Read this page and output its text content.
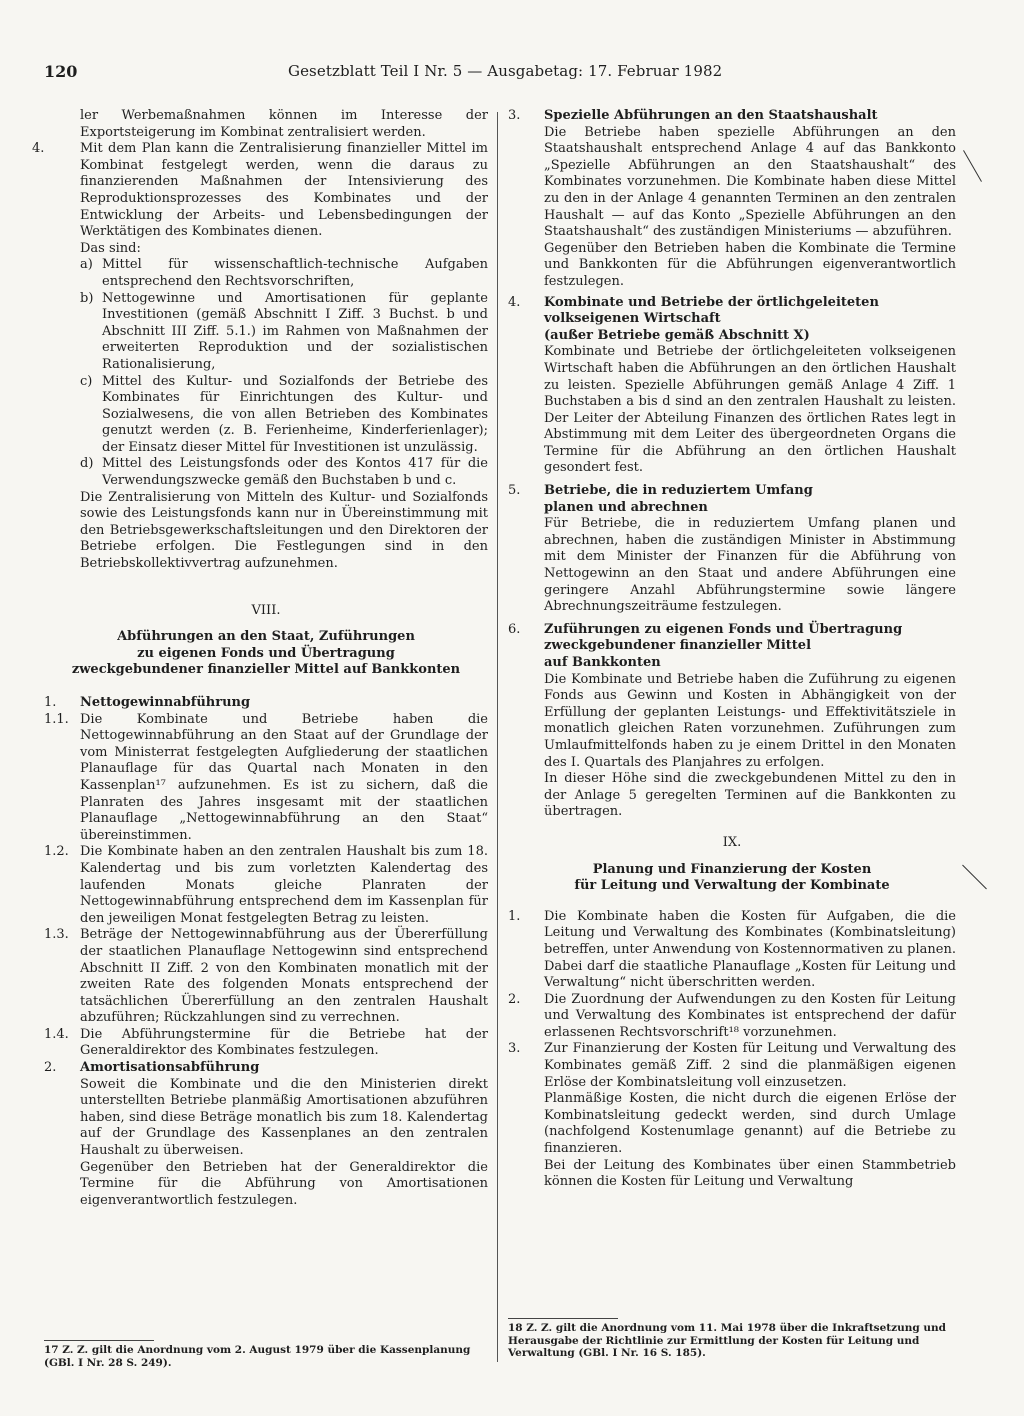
120	Gesetzblatt Teil I Nr. 5 — Ausgabetag: 17. Februar 1982

ler Werbemaßnahmen können im Interesse der Exportsteigerung im Kombinat zentralisiert werden.

4.	Mit dem Plan kann die Zentralisierung finanzieller Mittel im Kombinat festgelegt werden, wenn die daraus zu finanzierenden Maßnahmen der Intensivierung des Reproduktionsprozesses des Kombinates und der Entwicklung der Arbeits- und Lebensbedingungen der Werktätigen des Kombinates dienen.

Das sind:

a) Mittel für wissenschaftlich-technische Aufgaben entsprechend den Rechtsvorschriften,
b) Nettogewinne und Amortisationen für geplante Investitionen (gemäß Abschnitt I Ziff. 3 Buchst. b und Abschnitt III Ziff. 5.1.) im Rahmen von Maßnahmen der erweiterten Reproduktion und der sozialistischen Rationalisierung,
c) Mittel des Kultur- und Sozialfonds der Betriebe des Kombinates für Einrichtungen des Kultur- und Sozialwesens, die von allen Betrieben des Kombinates genutzt werden (z. B. Ferienheime, Kinderferienlager); der Einsatz dieser Mittel für Investitionen ist unzulässig.
d) Mittel des Leistungsfonds oder des Kontos 417 für die Verwendungszwecke gemäß den Buchstaben b und c.

Die Zentralisierung von Mitteln des Kultur- und Sozialfonds sowie des Leistungsfonds kann nur in Übereinstimmung mit den Betriebsgewerkschaftsleitungen und den Direktoren der Betriebe erfolgen. Die Festlegungen sind in den Betriebskollektivvertrag aufzunehmen.

VIII.
Abführungen an den Staat, Zuführungen
zu eigenen Fonds und Übertragung
zweckgebundener finanzieller Mittel auf Bankkonten
1. Nettogewinnabführung
1.1. Die Kombinate und Betriebe haben die Nettogewinnabführung an den Staat auf der Grundlage der vom Ministerrat festgelegten Aufgliederung der staatlichen Planauflage für das Quartal nach Monaten in den Kassenplan¹⁷ aufzunehmen. Es ist zu sichern, daß die Planraten des Jahres insgesamt mit der staatlichen Planauflage „Nettogewinnabführung an den Staat“ übereinstimmen.
1.2. Die Kombinate haben an den zentralen Haushalt bis zum 18. Kalendertag und bis zum vorletzten Kalendertag des laufenden Monats gleiche Planraten der Nettogewinnabführung entsprechend dem im Kassenplan für den jeweiligen Monat festgelegten Betrag zu leisten.
1.3. Beträge der Nettogewinnabführung aus der Übererfüllung der staatlichen Planauflage Nettogewinn sind entsprechend Abschnitt II Ziff. 2 von den Kombinaten monatlich mit der zweiten Rate des folgenden Monats entsprechend der tatsächlichen Übererfüllung an den zentralen Haushalt abzuführen; Rückzahlungen sind zu verrechnen.
1.4. Die Abführungstermine für die Betriebe hat der Generaldirektor des Kombinates festzulegen.
2. Amortisationsabführung

Soweit die Kombinate und die den Ministerien direkt unterstellten Betriebe planmäßig Amortisationen abzuführen haben, sind diese Beträge monatlich bis zum 18. Kalendertag auf der Grundlage des Kassenplanes an den zentralen Haushalt zu überweisen.

Gegenüber den Betrieben hat der Generaldirektor die Termine für die Abführung von Amortisationen eigenverantwortlich festzulegen.

17 Z. Z. gilt die Anordnung vom 2. August 1979 über die Kassenplanung (GBl. I Nr. 28 S. 249).
3. Spezielle Abführungen an den Staatshaushalt

Die Betriebe haben spezielle Abführungen an den Staatshaushalt entsprechend Anlage 4 auf das Bankkonto „Spezielle Abführungen an den Staatshaushalt“ des Kombinates vorzunehmen. Die Kombinate haben diese Mittel zu den in der Anlage 4 genannten Terminen an den zentralen Haushalt — auf das Konto „Spezielle Abführungen an den Staatshaushalt“ des zuständigen Ministeriums — abzuführen.

Gegenüber den Betrieben haben die Kombinate die Termine und Bankkonten für die Abführungen eigenverantwortlich festzulegen.

4. Kombinate und Betriebe der örtlichgeleiteten
volkseigenen Wirtschaft
(außer Betriebe gemäß Abschnitt X)

Kombinate und Betriebe der örtlichgeleiteten volkseigenen Wirtschaft haben die Abführungen an den örtlichen Haushalt zu leisten. Spezielle Abführungen gemäß Anlage 4 Ziff. 1 Buchstaben a bis d sind an den zentralen Haushalt zu leisten. Der Leiter der Abteilung Finanzen des örtlichen Rates legt in Abstimmung mit dem Leiter des übergeordneten Organs die Termine für die Abführung an den örtlichen Haushalt gesondert fest.

5. Betriebe, die in reduziertem Umfang
planen und abrechnen

Für Betriebe, die in reduziertem Umfang planen und abrechnen, haben die zuständigen Minister in Abstimmung mit dem Minister der Finanzen für die Abführung von Nettogewinn an den Staat und andere Abführungen eine geringere Anzahl Abführungstermine sowie längere Abrechnungszeiträume festzulegen.

6. Zuführungen zu eigenen Fonds und Übertragung
zweckgebundener finanzieller Mittel
auf Bankkonten

Die Kombinate und Betriebe haben die Zuführung zu eigenen Fonds aus Gewinn und Kosten in Abhängigkeit von der Erfüllung der geplanten Leistungs- und Effektivitätsziele in monatlich gleichen Raten vorzunehmen. Zuführungen zum Umlaufmittelfonds haben zu je einem Drittel in den Monaten des I. Quartals des Planjahres zu erfolgen.

In dieser Höhe sind die zweckgebundenen Mittel zu den in der Anlage 5 geregelten Terminen auf die Bankkonten zu übertragen.

IX.
Planung und Finanzierung der Kosten
für Leitung und Verwaltung der Kombinate
1. Die Kombinate haben die Kosten für Aufgaben, die die Leitung und Verwaltung des Kombinates (Kombinatsleitung) betreffen, unter Anwendung von Kostennormativen zu planen. Dabei darf die staatliche Planauflage „Kosten für Leitung und Verwaltung“ nicht überschritten werden.
2. Die Zuordnung der Aufwendungen zu den Kosten für Leitung und Verwaltung des Kombinates ist entsprechend der dafür erlassenen Rechtsvorschrift¹⁸ vorzunehmen.
3. Zur Finanzierung der Kosten für Leitung und Verwaltung des Kombinates gemäß Ziff. 2 sind die planmäßigen eigenen Erlöse der Kombinatsleitung voll einzusetzen.

Planmäßige Kosten, die nicht durch die eigenen Erlöse der Kombinatsleitung gedeckt werden, sind durch Umlage (nachfolgend Kostenumlage genannt) auf die Betriebe zu finanzieren.

Bei der Leitung des Kombinates über einen Stammbetrieb können die Kosten für Leitung und Verwaltung

18 Z. Z. gilt die Anordnung vom 11. Mai 1978 über die Inkraftsetzung und Herausgabe der Richtlinie zur Ermittlung der Kosten für Leitung und Verwaltung (GBl. I Nr. 16 S. 185).
